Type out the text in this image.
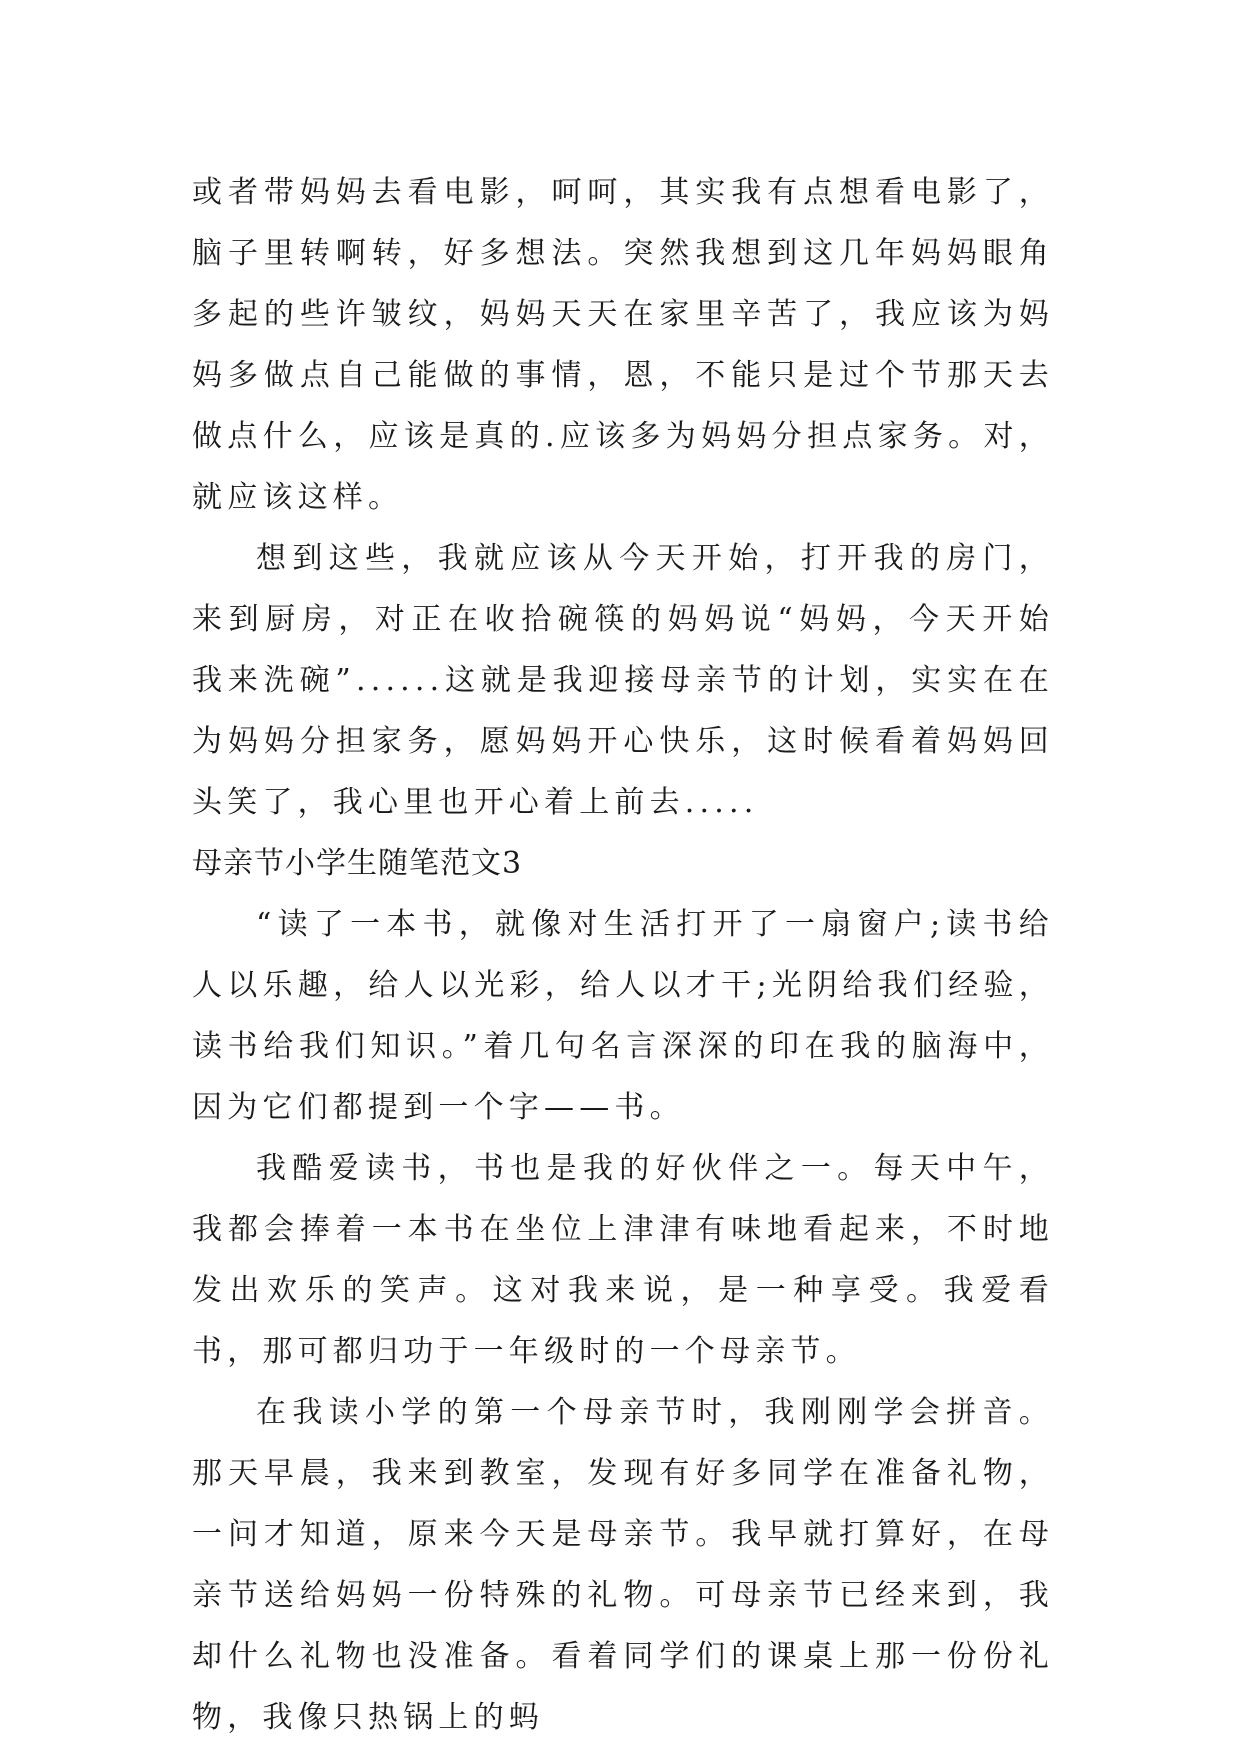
或者带妈妈去看电影，呵呵，其实我有点想看电影了，脑子里转啊转，好多想法。突然我想到这几年妈妈眼角多起的些许皱纹，妈妈天天在家里辛苦了，我应该为妈妈多做点自己能做的事情，恩，不能只是过个节那天去做点什么，应该是真的.应该多为妈妈分担点家务。对，就应该这样。

想到这些，我就应该从今天开始，打开我的房门，来到厨房，对正在收拾碗筷的妈妈说“妈妈，今天开始我来洗碗”......这就是我迎接母亲节的计划，实实在在为妈妈分担家务，愿妈妈开心快乐，这时候看着妈妈回头笑了，我心里也开心着上前去.....

母亲节小学生随笔范文3

“读了一本书，就像对生活打开了一扇窗户;读书给人以乐趣，给人以光彩，给人以才干;光阴给我们经验，读书给我们知识。”着几句名言深深的印在我的脑海中，因为它们都提到一个字——书。

我酷爱读书，书也是我的好伙伴之一。每天中午，我都会捧着一本书在坐位上津津有味地看起来，不时地发出欢乐的笑声。这对我来说，是一种享受。我爱看书，那可都归功于一年级时的一个母亲节。

在我读小学的第一个母亲节时，我刚刚学会拼音。那天早晨，我来到教室，发现有好多同学在准备礼物，一问才知道，原来今天是母亲节。我早就打算好，在母亲节送给妈妈一份特殊的礼物。可母亲节已经来到，我却什么礼物也没准备。看着同学们的课桌上那一份份礼物，我像只热锅上的蚂
